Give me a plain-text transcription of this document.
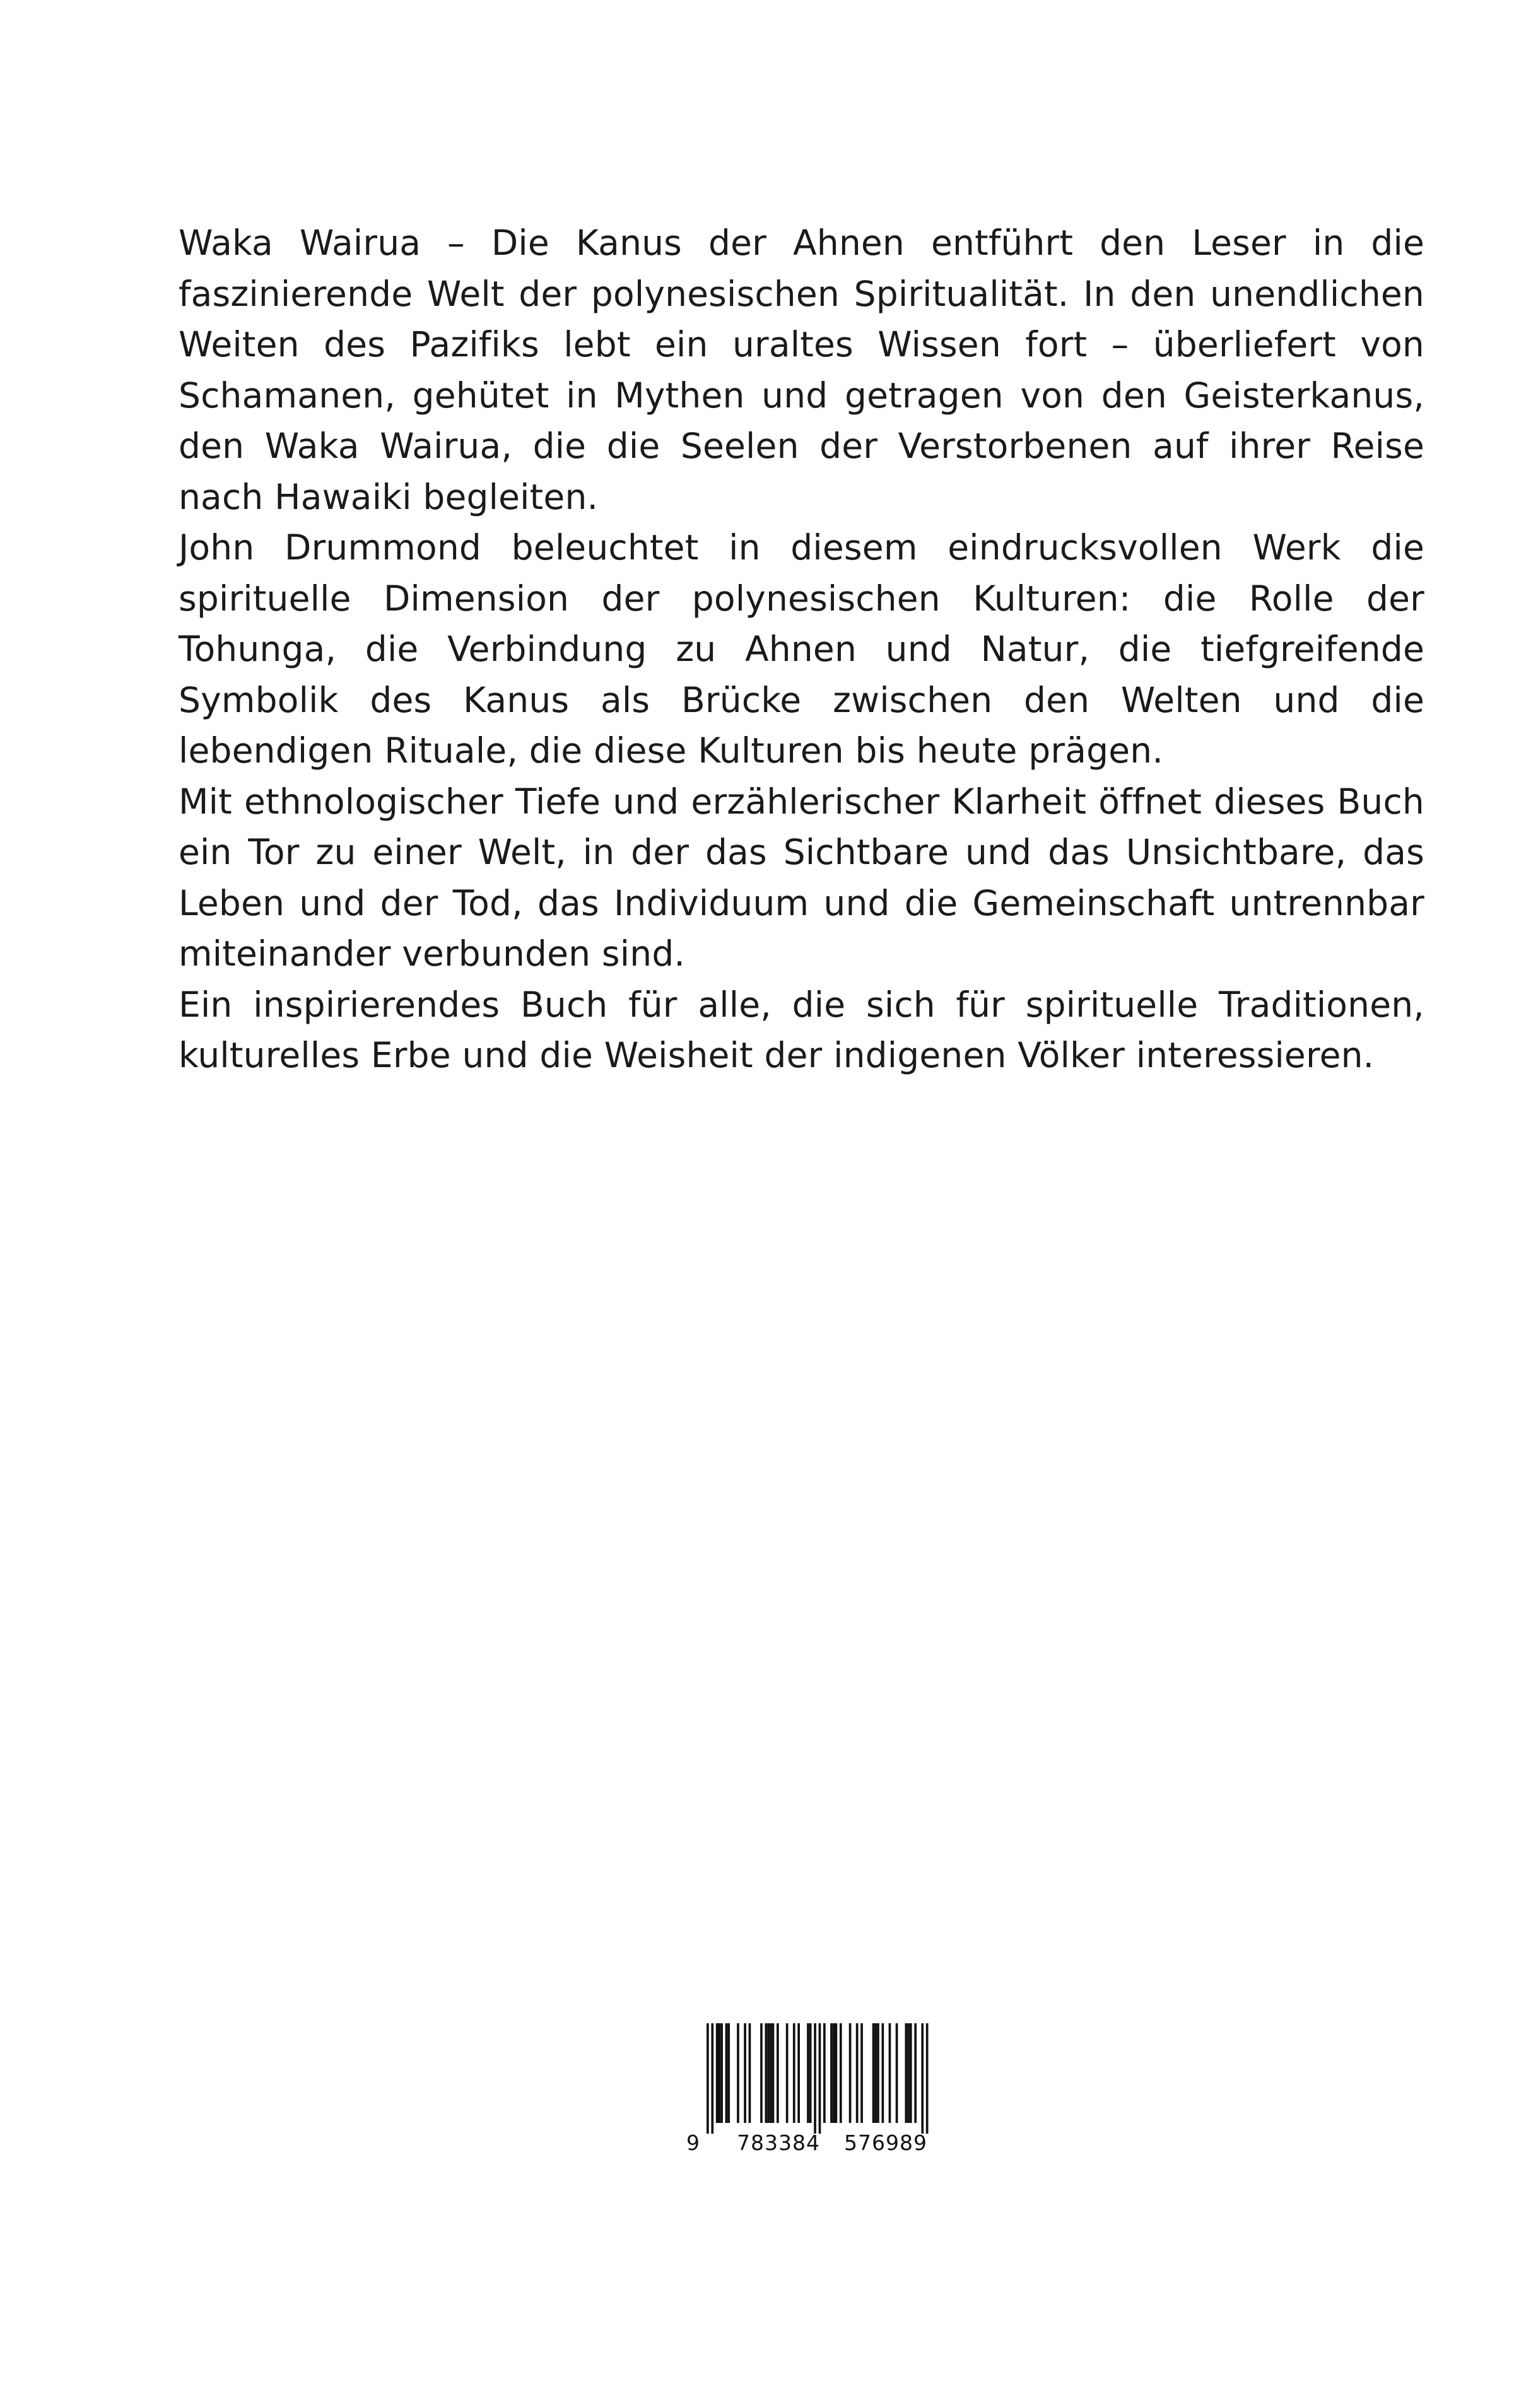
Waka Wairua – Die Kanus der Ahnen entführt den Leser in die faszinierende Welt der polynesischen Spiritualität. In den unendlichen Weiten des Pazifiks lebt ein uraltes Wissen fort – überliefert von Schamanen, gehütet in Mythen und getragen von den Geisterkanus, den Waka Wairua, die die Seelen der Verstorbenen auf ihrer Reise nach Hawaiki begleiten.

John Drummond beleuchtet in diesem eindrucksvollen Werk die spirituelle Dimension der polynesischen Kulturen: die Rolle der Tohunga, die Verbindung zu Ahnen und Natur, die tiefgreifende Symbolik des Kanus als Brücke zwischen den Welten und die lebendigen Rituale, die diese Kulturen bis heute prägen.

Mit ethnologischer Tiefe und erzählerischer Klarheit öffnet dieses Buch ein Tor zu einer Welt, in der das Sichtbare und das Unsichtbare, das Leben und der Tod, das Individuum und die Gemeinschaft untrennbar miteinander verbunden sind.

Ein inspirierendes Buch für alle, die sich für spirituelle Traditionen, kulturelles Erbe und die Weisheit der indigenen Völker interessieren.

9 783384 576989
